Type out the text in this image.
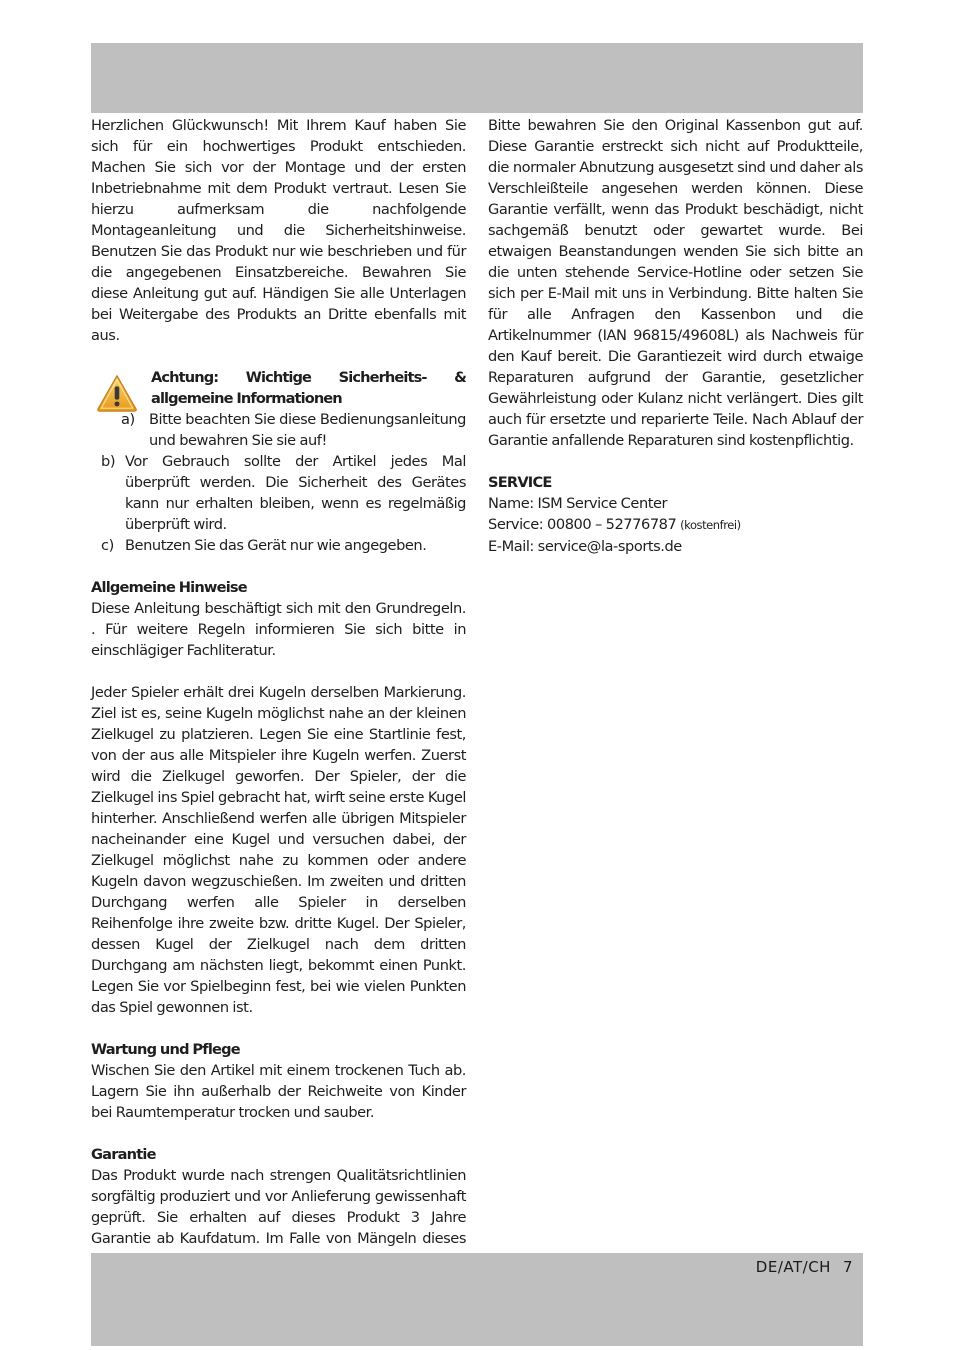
Herzlichen Glückwunsch! Mit Ihrem Kauf haben Sie sich für ein hochwertiges Produkt entschieden. Machen Sie sich vor der Montage und der ersten Inbetriebnahme mit dem Produkt vertraut. Lesen Sie hierzu aufmerksam die nachfolgende Montageanleitung und die Sicherheitshinweise. Benutzen Sie das Produkt nur wie beschrieben und für die angegebenen Einsatzbereiche. Bewahren Sie diese Anleitung gut auf. Händigen Sie alle Unterlagen bei Weitergabe des Produkts an Dritte ebenfalls mit aus.

Achtung: Wichtige Sicherheits- & allgemeine Informationen

a) Bitte beachten Sie diese Bedienungsanleitung und bewahren Sie sie auf!
b) Vor Gebrauch sollte der Artikel jedes Mal überprüft werden. Die Sicherheit des Gerätes kann nur erhalten bleiben, wenn es regelmäßig überprüft wird.
c) Benutzen Sie das Gerät nur wie angegeben.

Allgemeine Hinweise

Diese Anleitung beschäftigt sich mit den Grundregeln. . Für weitere Regeln informieren Sie sich bitte in einschlägiger Fachliteratur.

Jeder Spieler erhält drei Kugeln derselben Markierung. Ziel ist es, seine Kugeln möglichst nahe an der kleinen Zielkugel zu platzieren. Legen Sie eine Startlinie fest, von der aus alle Mitspieler ihre Kugeln werfen. Zuerst wird die Zielkugel geworfen. Der Spieler, der die Zielkugel ins Spiel gebracht hat, wirft seine erste Kugel hinterher. Anschließend werfen alle übrigen Mitspieler nacheinander eine Kugel und versuchen dabei, der Zielkugel möglichst nahe zu kommen oder andere Kugeln davon wegzuschießen. Im zweiten und dritten Durchgang werfen alle Spieler in derselben Reihenfolge ihre zweite bzw. dritte Kugel. Der Spieler, dessen Kugel der Zielkugel nach dem dritten Durchgang am nächsten liegt, bekommt einen Punkt. Legen Sie vor Spielbeginn fest, bei wie vielen Punkten das Spiel gewonnen ist.

Wartung und Pflege

Wischen Sie den Artikel mit einem trockenen Tuch ab. Lagern Sie ihn außerhalb der Reichweite von Kinder bei Raumtemperatur trocken und sauber.

Garantie

Das Produkt wurde nach strengen Qualitätsrichtlinien sorgfältig produziert und vor Anlieferung gewissenhaft geprüft. Sie erhalten auf dieses Produkt 3 Jahre Garantie ab Kaufdatum. Im Falle von Mängeln dieses

Bitte bewahren Sie den Original Kassenbon gut auf. Diese Garantie erstreckt sich nicht auf Produktteile, die normaler Abnutzung ausgesetzt sind und daher als Verschleißteile angesehen werden können. Diese Garantie verfällt, wenn das Produkt beschädigt, nicht sachgemäß benutzt oder gewartet wurde. Bei etwaigen Beanstandungen wenden Sie sich bitte an die unten stehende Service-Hotline oder setzen Sie sich per E-Mail mit uns in Verbindung. Bitte halten Sie für alle Anfragen den Kassenbon und die Artikelnummer (IAN 96815/49608L) als Nachweis für den Kauf bereit. Die Garantiezeit wird durch etwaige Reparaturen aufgrund der Garantie, gesetzlicher Gewährleistung oder Kulanz nicht verlängert. Dies gilt auch für ersetzte und reparierte Teile. Nach Ablauf der Garantie anfallende Reparaturen sind kostenpflichtig.

SERVICE

Name: ISM Service Center

Service: 00800 – 52776787 (kostenfrei)

E-Mail: service@la-sports.de

DE/AT/CH 7
